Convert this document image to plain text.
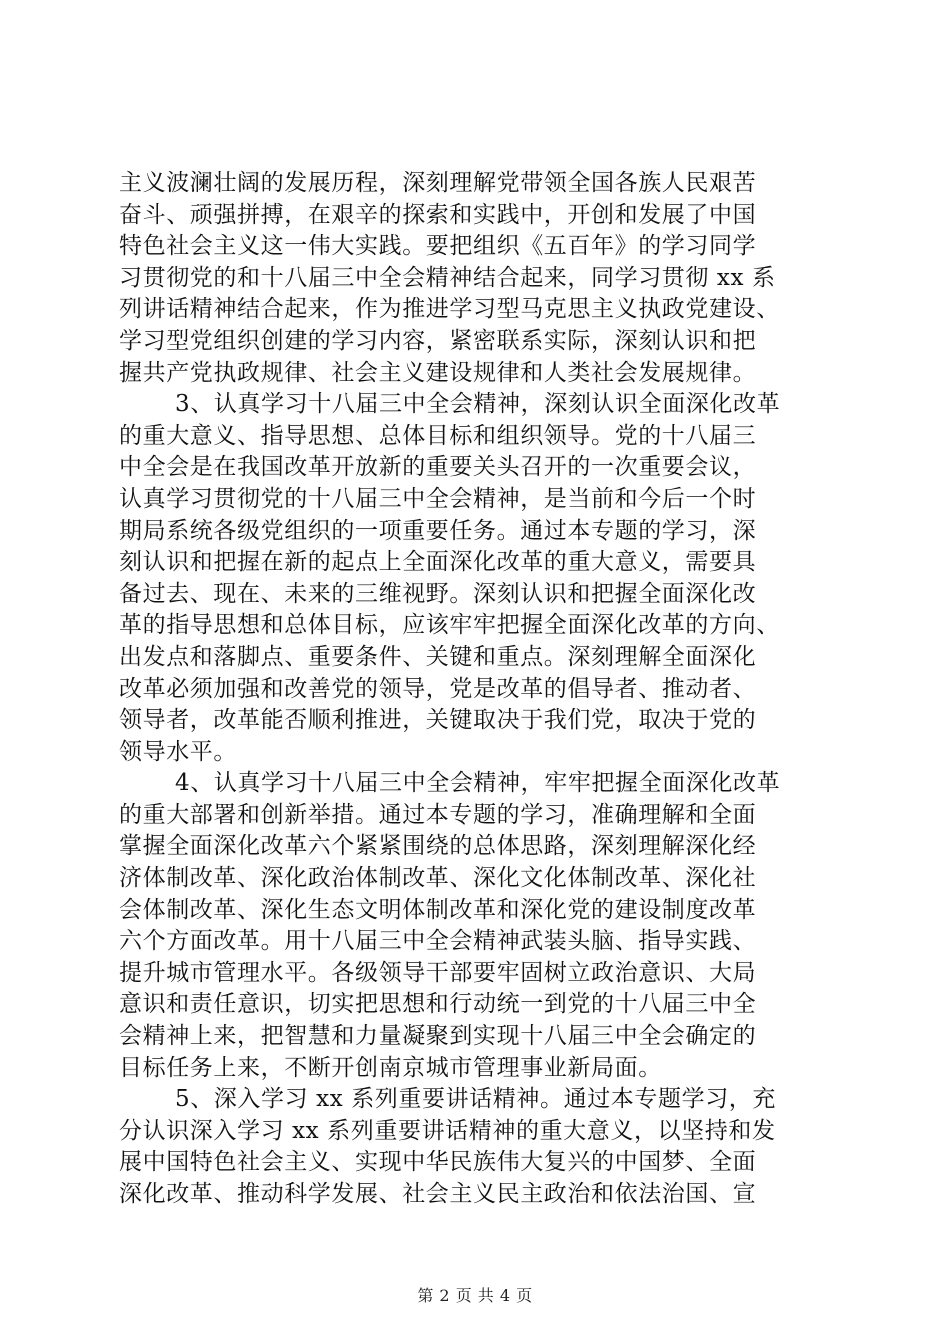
主义波澜壮阔的发展历程，深刻理解党带领全国各族人民艰苦
奋斗、顽强拼搏，在艰辛的探索和实践中，开创和发展了中国
特色社会主义这一伟大实践。要把组织《五百年》的学习同学
习贯彻党的和十八届三中全会精神结合起来，同学习贯彻 xx 系
列讲话精神结合起来，作为推进学习型马克思主义执政党建设、
学习型党组织创建的学习内容，紧密联系实际，深刻认识和把
握共产党执政规律、社会主义建设规律和人类社会发展规律。
3、认真学习十八届三中全会精神，深刻认识全面深化改革
的重大意义、指导思想、总体目标和组织领导。党的十八届三
中全会是在我国改革开放新的重要关头召开的一次重要会议，
认真学习贯彻党的十八届三中全会精神，是当前和今后一个时
期局系统各级党组织的一项重要任务。通过本专题的学习，深
刻认识和把握在新的起点上全面深化改革的重大意义，需要具
备过去、现在、未来的三维视野。深刻认识和把握全面深化改
革的指导思想和总体目标，应该牢牢把握全面深化改革的方向、
出发点和落脚点、重要条件、关键和重点。深刻理解全面深化
改革必须加强和改善党的领导，党是改革的倡导者、推动者、
领导者，改革能否顺利推进，关键取决于我们党，取决于党的
领导水平。
4、认真学习十八届三中全会精神，牢牢把握全面深化改革
的重大部署和创新举措。通过本专题的学习，准确理解和全面
掌握全面深化改革六个紧紧围绕的总体思路，深刻理解深化经
济体制改革、深化政治体制改革、深化文化体制改革、深化社
会体制改革、深化生态文明体制改革和深化党的建设制度改革
六个方面改革。用十八届三中全会精神武装头脑、指导实践、
提升城市管理水平。各级领导干部要牢固树立政治意识、大局
意识和责任意识，切实把思想和行动统一到党的十八届三中全
会精神上来，把智慧和力量凝聚到实现十八届三中全会确定的
目标任务上来，不断开创南京城市管理事业新局面。
5、深入学习 xx 系列重要讲话精神。通过本专题学习，充
分认识深入学习 xx 系列重要讲话精神的重大意义，以坚持和发
展中国特色社会主义、实现中华民族伟大复兴的中国梦、全面
深化改革、推动科学发展、社会主义民主政治和依法治国、宣
第 2 页 共 4 页
